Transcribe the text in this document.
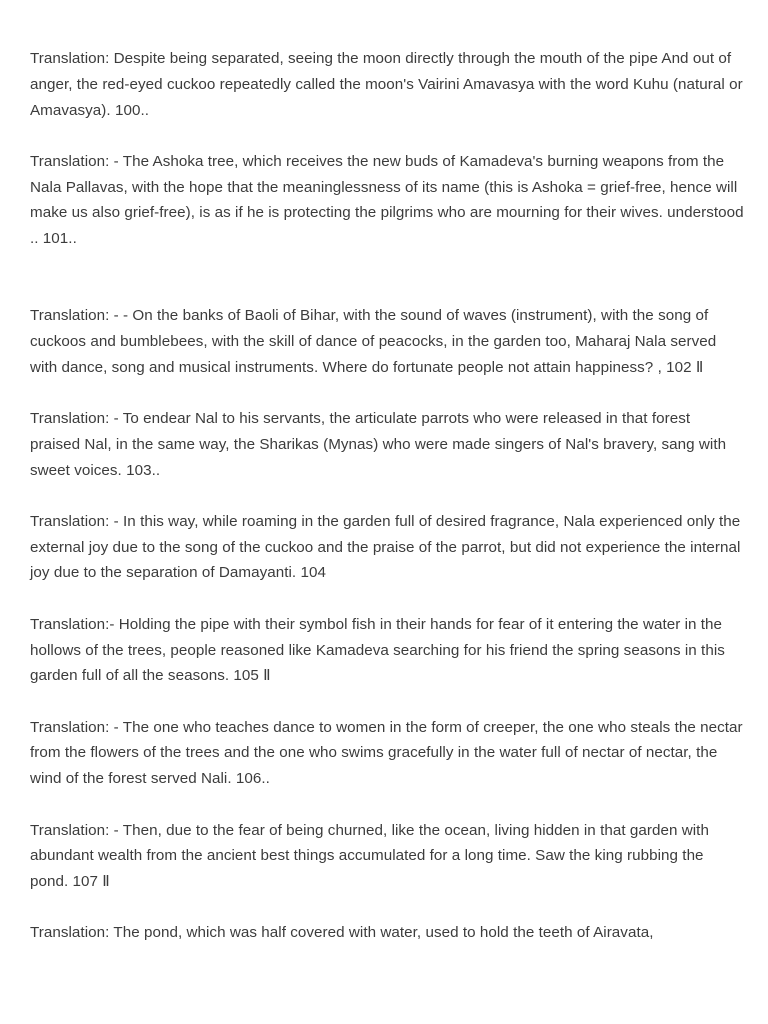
Translation: Despite being separated, seeing the moon directly through the mouth of the pipe And out of anger, the red-eyed cuckoo repeatedly called the moon's Vairini Amavasya with the word Kuhu (natural or Amavasya). 100..

Translation: - The Ashoka tree, which receives the new buds of Kamadeva's burning weapons from the Nala Pallavas, with the hope that the meaninglessness of its name (this is Ashoka = grief-free, hence will make us also grief-free), is as if he is protecting the pilgrims who are mourning for their wives. understood .. 101..

Translation: - - On the banks of Baoli of Bihar, with the sound of waves (instrument), with the song of cuckoos and bumblebees, with the skill of dance of peacocks, in the garden too, Maharaj Nala served with dance, song and musical instruments. Where do fortunate people not attain happiness? , 102 Ⅱ

Translation: - To endear Nal to his servants, the articulate parrots who were released in that forest praised Nal, in the same way, the Sharikas (Mynas) who were made singers of Nal's bravery, sang with sweet voices. 103..

Translation: - In this way, while roaming in the garden full of desired fragrance, Nala experienced only the external joy due to the song of the cuckoo and the praise of the parrot, but did not experience the internal joy due to the separation of Damayanti. 104

Translation:- Holding the pipe with their symbol fish in their hands for fear of it entering the water in the hollows of the trees, people reasoned like Kamadeva searching for his friend the spring seasons in this garden full of all the seasons. 105 Ⅱ

Translation: - The one who teaches dance to women in the form of creeper, the one who steals the nectar from the flowers of the trees and the one who swims gracefully in the water full of nectar of nectar, the wind of the forest served Nali. 106..

Translation: - Then, due to the fear of being churned, like the ocean, living hidden in that garden with abundant wealth from the ancient best things accumulated for a long time. Saw the king rubbing the pond. 107 Ⅱ

Translation: The pond, which was half covered with water, used to hold the teeth of Airavata,
